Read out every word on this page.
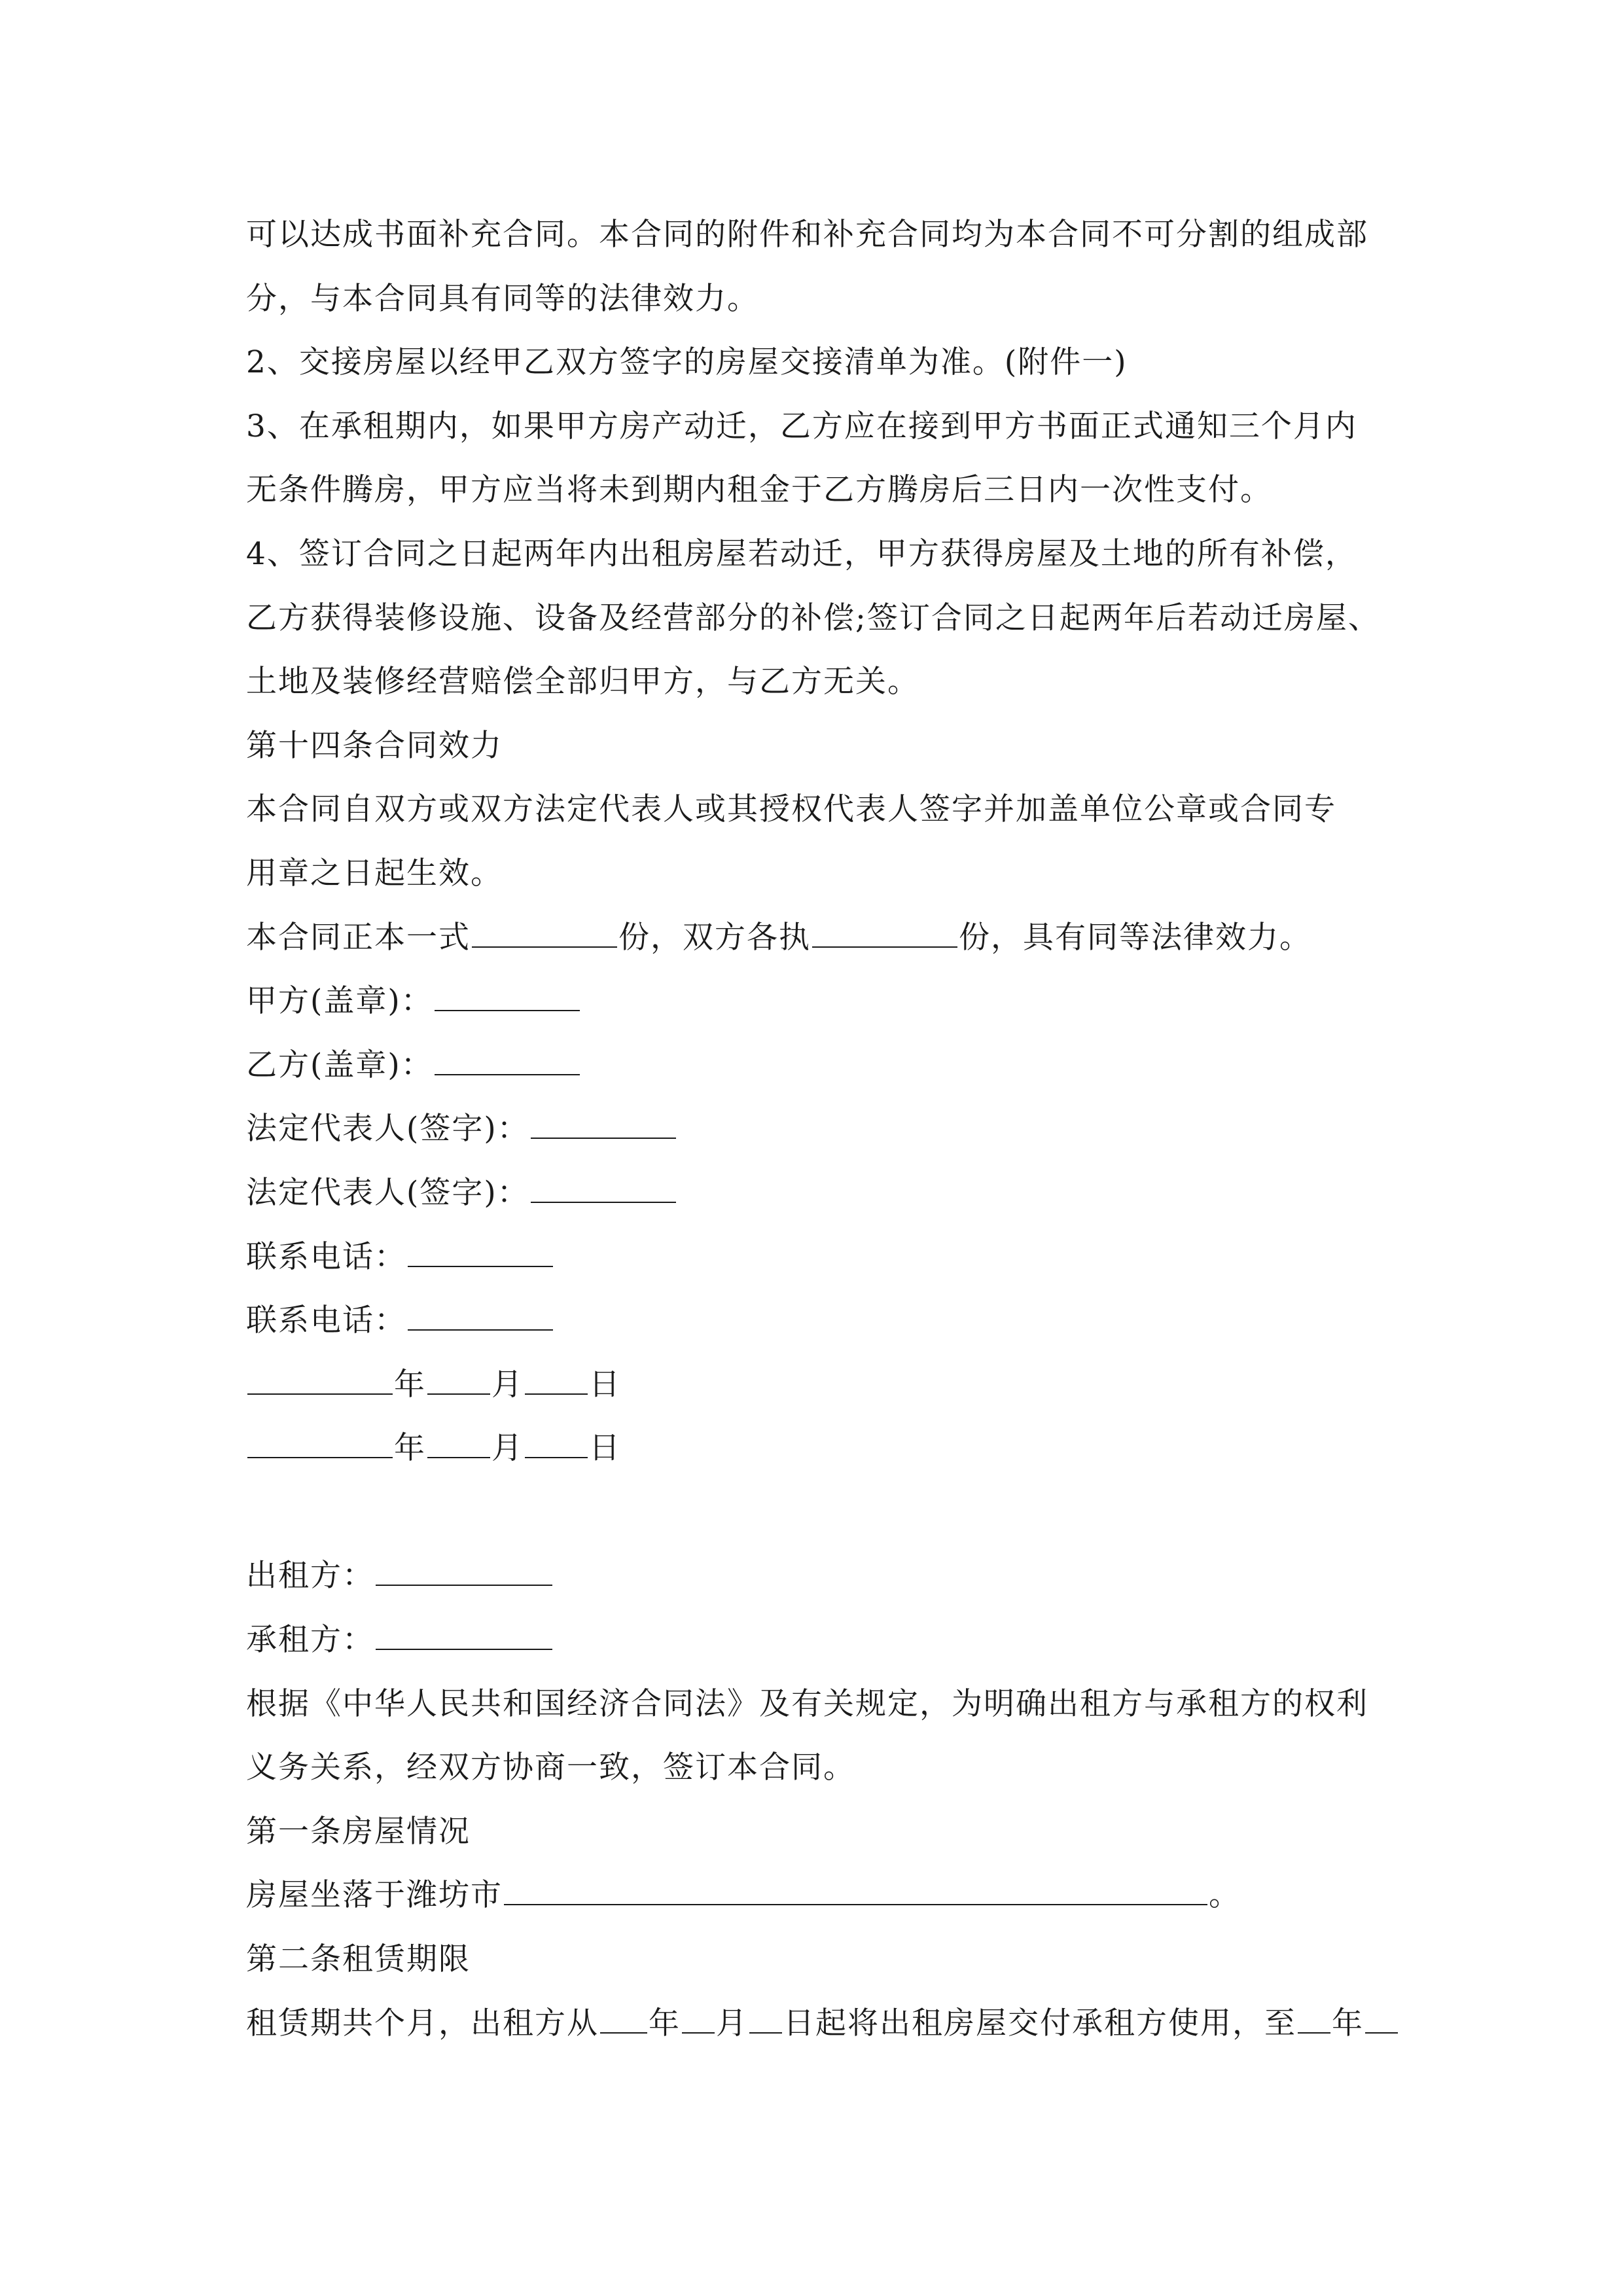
可以达成书面补充合同。本合同的附件和补充合同均为本合同不可分割的组成部
分，与本合同具有同等的法律效力。
2、交接房屋以经甲乙双方签字的房屋交接清单为准。(附件一)
3、在承租期内，如果甲方房产动迁，乙方应在接到甲方书面正式通知三个月内
无条件腾房，甲方应当将未到期内租金于乙方腾房后三日内一次性支付。
4、签订合同之日起两年内出租房屋若动迁，甲方获得房屋及土地的所有补偿，
乙方获得装修设施、设备及经营部分的补偿;签订合同之日起两年后若动迁房屋、
土地及装修经营赔偿全部归甲方，与乙方无关。
第十四条合同效力
本合同自双方或双方法定代表人或其授权代表人签字并加盖单位公章或合同专
用章之日起生效。
本合同正本一式	份，双方各执	份，具有同等法律效力。
甲方(盖章)：
乙方(盖章)：
法定代表人(签字)：
法定代表人(签字)：
联系电话：
联系电话：
年 月 日
年 月 日
出租方：
承租方：
根据《中华人民共和国经济合同法》及有关规定，为明确出租方与承租方的权利
义务关系，经双方协商一致，签订本合同。
第一条房屋情况
房屋坐落于潍坊市	。
第二条租赁期限
租赁期共个月，出租方从 年 月 日起将出租房屋交付承租方使用，至 年
